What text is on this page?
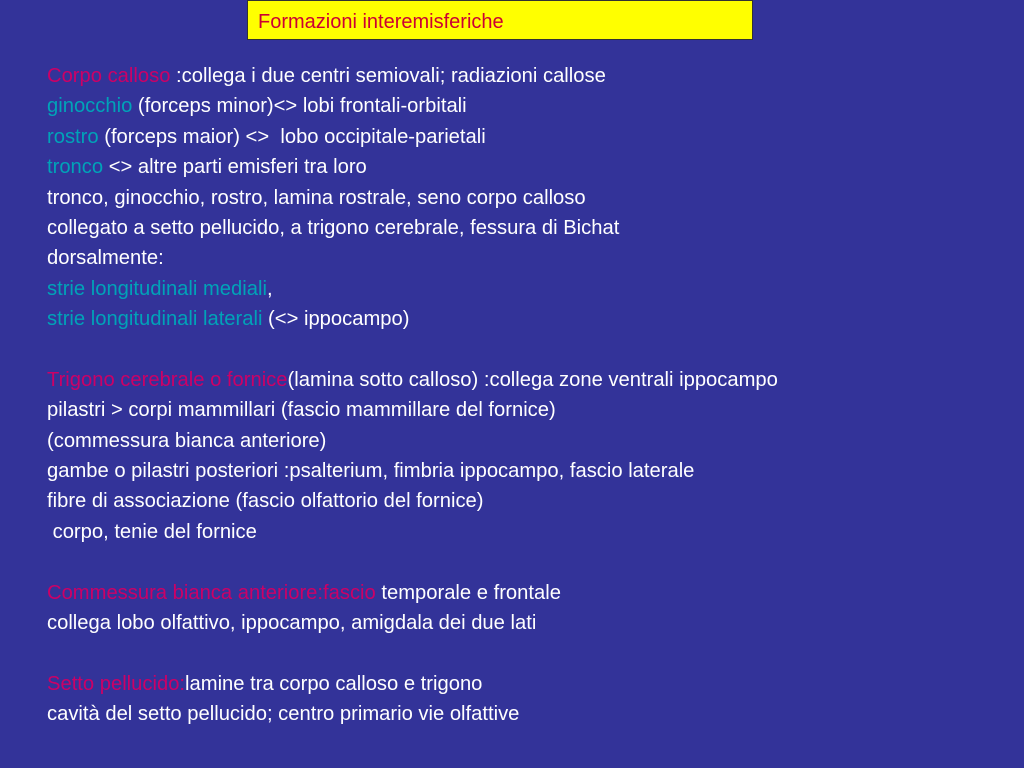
Formazioni interemisferiche
Corpo calloso :collega i due centri semiovali; radiazioni callose
ginocchio (forceps minor)<> lobi frontali-orbitali
rostro (forceps maior) <>  lobo occipitale-parietali
tronco <> altre parti emisferi tra loro
tronco, ginocchio, rostro, lamina rostrale, seno corpo calloso
collegato a setto pellucido, a trigono cerebrale, fessura di Bichat
dorsalmente:
strie longitudinali mediali,
strie longitudinali laterali (<> ippocampo)
Trigono cerebrale o fornice(lamina sotto calloso) :collega zone ventrali ippocampo
pilastri > corpi mammillari (fascio mammillare del fornice)
(commessura bianca anteriore)
gambe o pilastri posteriori :psalterium, fimbria ippocampo, fascio laterale
fibre di associazione (fascio olfattorio del fornice)
corpo, tenie del fornice
Commessura bianca anteriore:fascio temporale e frontale
collega lobo olfattivo, ippocampo, amigdala dei due lati
Setto pellucido:lamine tra corpo calloso e trigono
cavità del setto pellucido; centro primario vie olfattive
